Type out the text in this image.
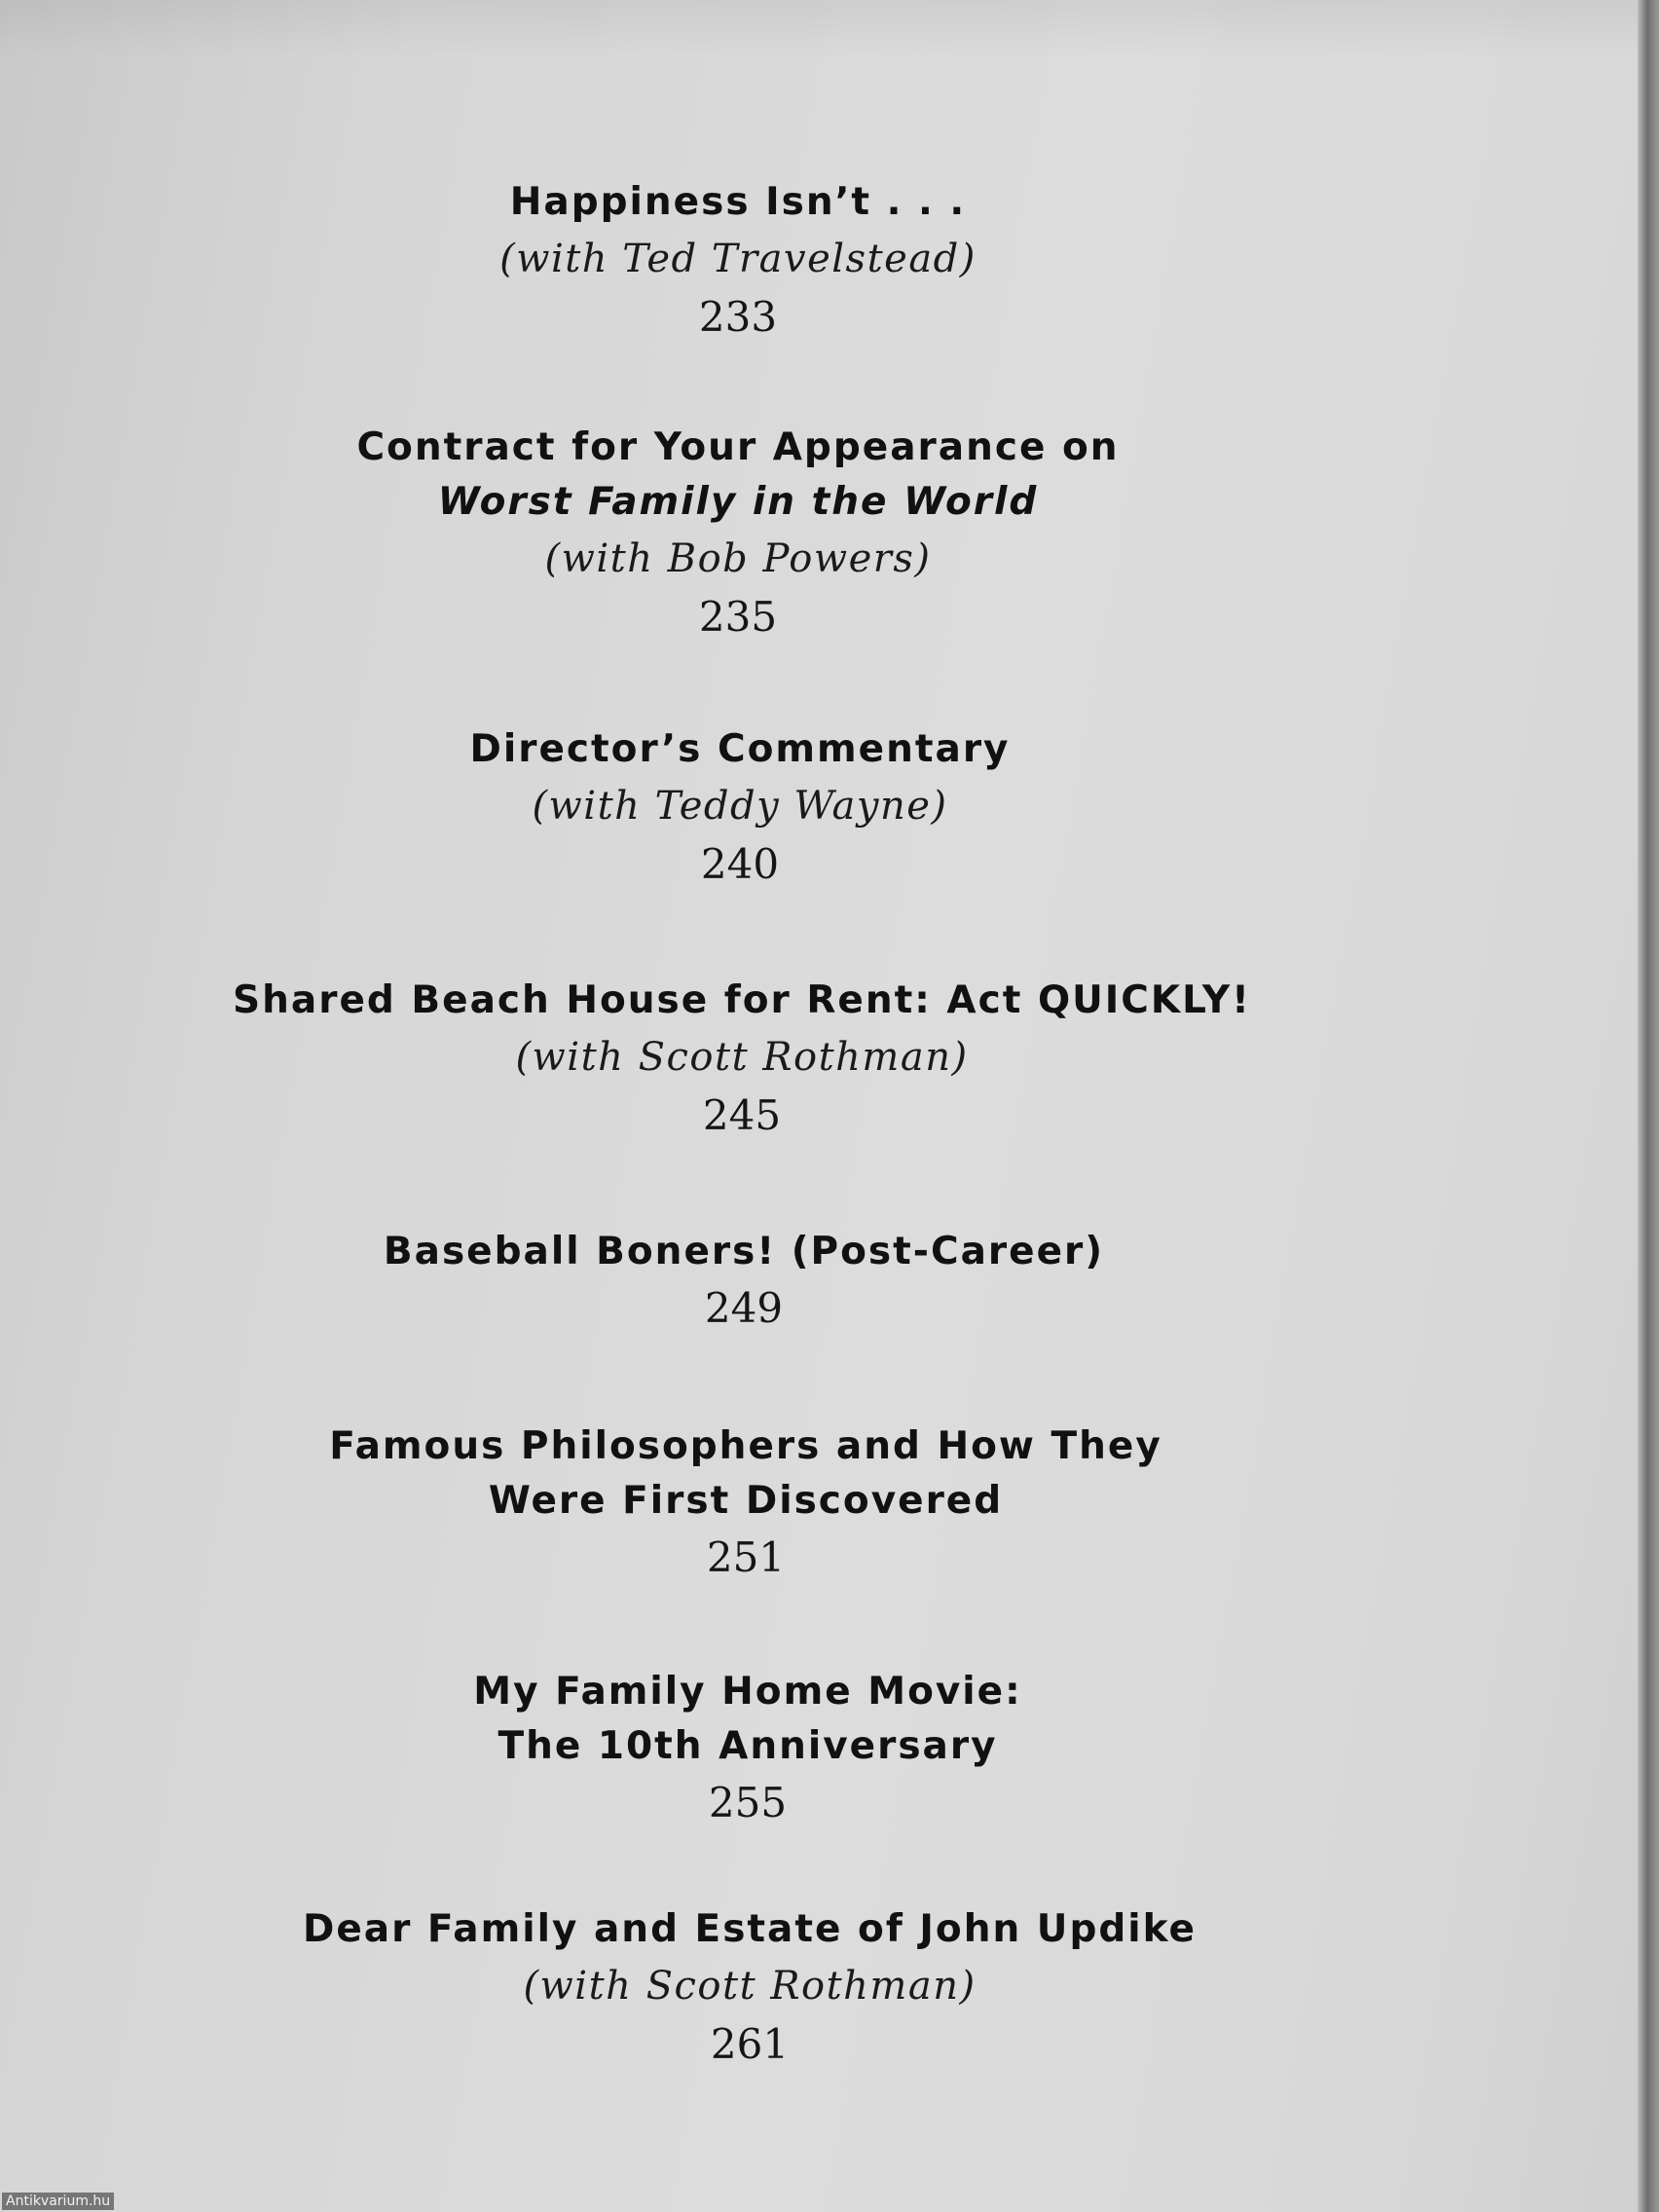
Happiness Isn’t . . .
(with Ted Travelstead)
233
Contract for Your Appearance on
Worst Family in the World
(with Bob Powers)
235
Director’s Commentary
(with Teddy Wayne)
240
Shared Beach House for Rent: Act QUICKLY!
(with Scott Rothman)
245
Baseball Boners! (Post-Career)
249
Famous Philosophers and How They
Were First Discovered
251
My Family Home Movie:
The 10th Anniversary
255
Dear Family and Estate of John Updike
(with Scott Rothman)
261
Antikvarium.hu
